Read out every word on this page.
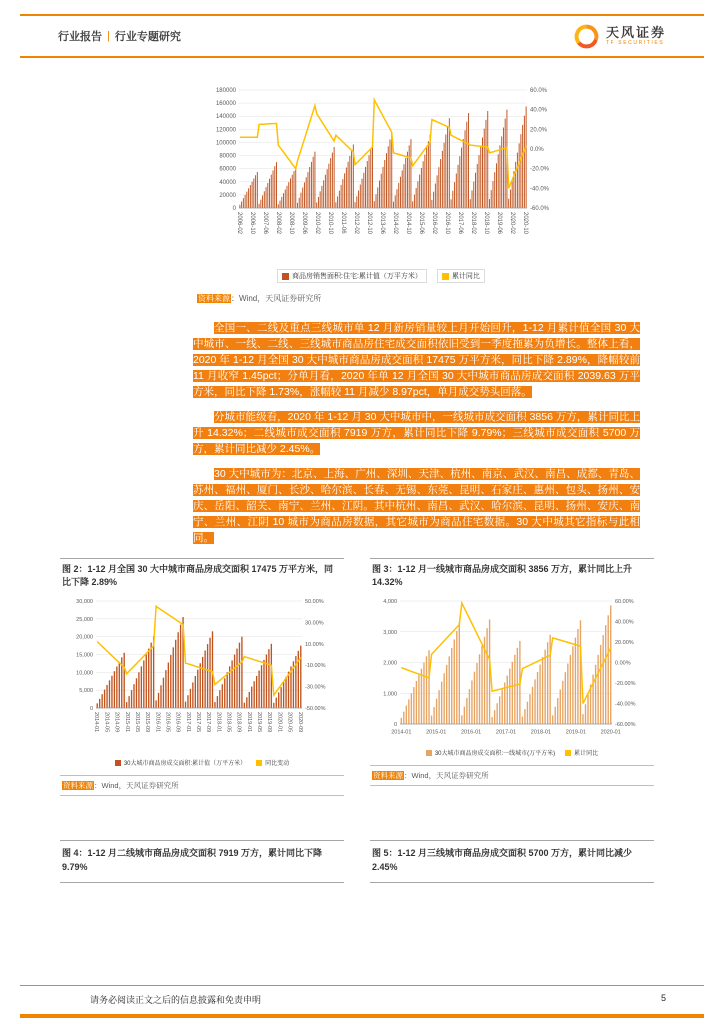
行业报告 | 行业专题研究	天风证券
TF SECURITIES
0
20000
40000
60000
80000
100000
120000
140000
160000
180000
-60.0%
-40.0%
-20.0%
0.0%
20.0%
40.0%
60.0%
2006-02 2006-10 2007-06 2008-02 2008-10 2009-06 2010-02 2010-10 2011-06 2012-02 2012-10 2013-06 2014-02 2014-10 2015-06 2016-02 2016-10 2017-06 2018-02 2018-10 2019-06 2020-02 2020-10
商品房销售面积:住宅:累计值（万平方米）	累计同比
资料来源：Wind，天风证券研究所

全国一、二线及重点三线城市单 12 月新房销量较上月开始回升，1-12 月累计值全国 30 大中城市、一线、二线、三线城市商品房住宅成交面积依旧受到一季度拖累为负增长。整体上看，2020 年 1-12 月全国 30 大中城市商品房成交面积 17475 万平方米，同比下降 2.89%，降幅较前 11 月收窄 1.45pct；分单月看，2020 年单 12 月全国 30 大中城市商品房成交面积 2039.63 万平方米，同比下降 1.73%，涨幅较 11 月减少 8.97pct，单月成交势头回落。

分城市能级看，2020 年 1-12 月 30 大中城市中，一线城市成交面积 3856 万方，累计同比上升 14.32%；二线城市成交面积 7919 万方，累计同比下降 9.79%；三线城市成交面积 5700 万方，累计同比减少 2.45%。

30 大中城市为：北京、上海、广州、深圳、天津、杭州、南京、武汉、南昌、成都、青岛、苏州、福州、厦门、长沙、哈尔滨、长春、无锡、东莞、昆明、石家庄、惠州、包头、扬州、安庆、岳阳、韶关、南宁、兰州、江阴。其中杭州、南昌、武汉、哈尔滨、昆明、扬州、安庆、南宁、兰州、江阴 10 城市为商品房数据，其它城市为商品住宅数据。30 大中城其它指标与此相同。

图 2：1-12 月全国 30 大中城市商品房成交面积 17475 万平方米，同比下降 2.89%
0
5,000
10,000
15,000
20,000
25,000
30,000
-50.00%
-30.00%
-10.00%
10.00%
30.00%
50.00%
2014-01 2014-05 2014-09 2015-01 2015-05 2015-09 2016-01 2016-05 2016-09 2017-01 2017-05 2017-09 2018-01 2018-05 2018-09 2019-01 2019-05 2019-09 2020-01 2020-05 2020-09
30大城市商品房成交面积:累计值（万平方米）	同比变动
资料来源：Wind，天风证券研究所
图 3：1-12 月一线城市商品房成交面积 3856 万方，累计同比上升 14.32%
0
1,000
2,000
3,000
4,000
-60.00%
-40.00%
-20.00%
0.00%
20.00%
40.00%
60.00%
2014-01	2015-01	2016-01	2017-01	2018-01	2019-01	2020-01
30大城市商品房成交面积:一线城市(万平方米)	累计同比
资料来源：Wind，天风证券研究所
图 4：1-12 月二线城市商品房成交面积 7919 万方，累计同比下降 9.79%
图 5：1-12 月三线城市商品房成交面积 5700 万方，累计同比减少 2.45%
请务必阅读正文之后的信息披露和免责申明	5
